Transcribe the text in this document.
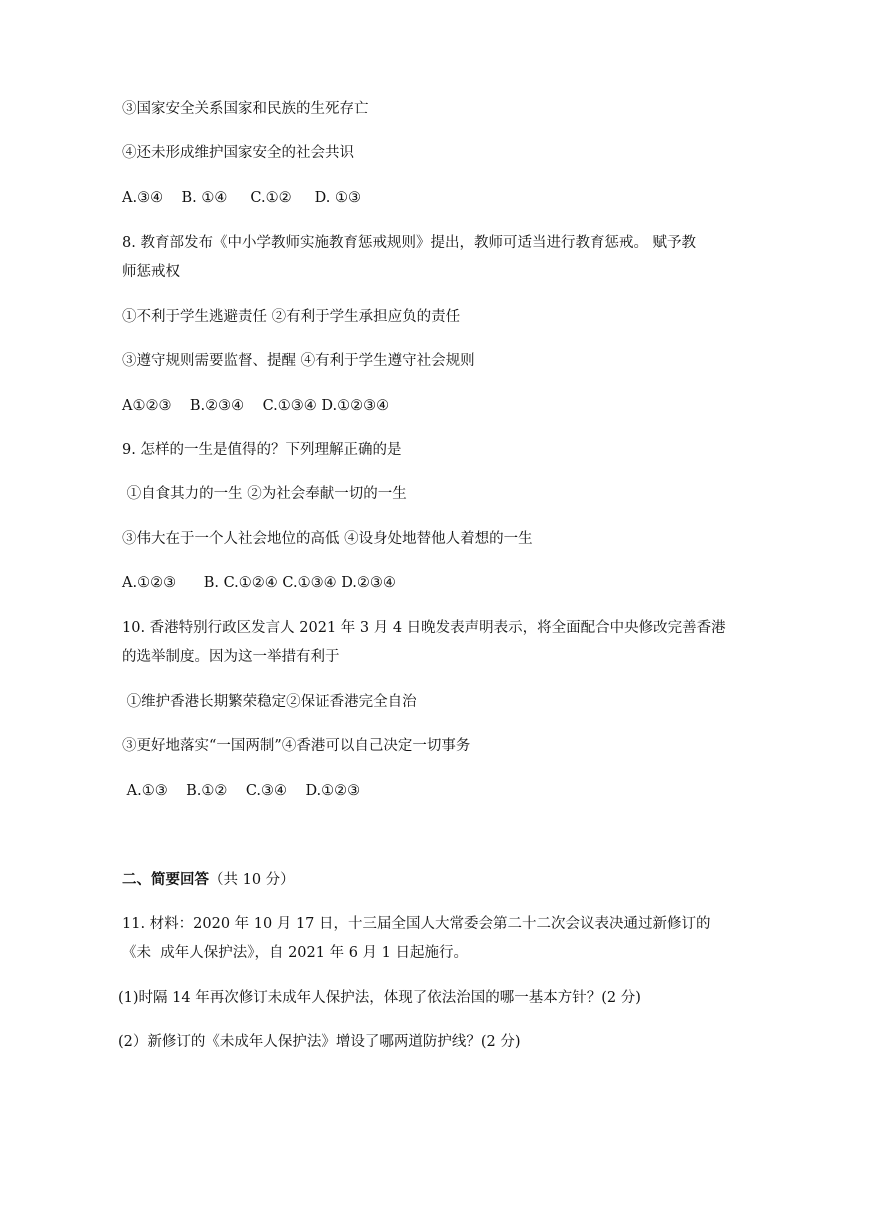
③国家安全关系国家和民族的生死存亡
④还未形成维护国家安全的社会共识
A.③④    B. ①④     C.①②     D. ①③
8. 教育部发布《中小学教师实施教育惩戒规则》提出，教师可适当进行教育惩戒。 赋予教
师惩戒权
①不利于学生逃避责任 ②有利于学生承担应负的责任
③遵守规则需要监督、提醒 ④有利于学生遵守社会规则
A①②③    B.②③④    C.①③④ D.①②③④
9. 怎样的一生是值得的？下列理解正确的是
①自食其力的一生 ②为社会奉献一切的一生
③伟大在于一个人社会地位的高低 ④设身处地替他人着想的一生
A.①②③      B. C.①②④ C.①③④ D.②③④
10. 香港特别行政区发言人 2021 年 3 月 4 日晚发表声明表示，将全面配合中央修改完善香港
的选举制度。因为这一举措有利于
①维护香港长期繁荣稳定②保证香港完全自治
③更好地落实“一国两制”④香港可以自己决定一切事务
A.①③    B.①②    C.③④    D.①②③
二、简要回答（共 10 分）
11. 材料：2020 年 10 月 17 日，十三届全国人大常委会第二十二次会议表决通过新修订的
《未  成年人保护法》，自 2021 年 6 月 1 日起施行。
(1)时隔 14 年再次修订未成年人保护法，体现了依法治国的哪一基本方针？(2 分)
(2）新修订的《未成年人保护法》增设了哪两道防护线？(2 分)
